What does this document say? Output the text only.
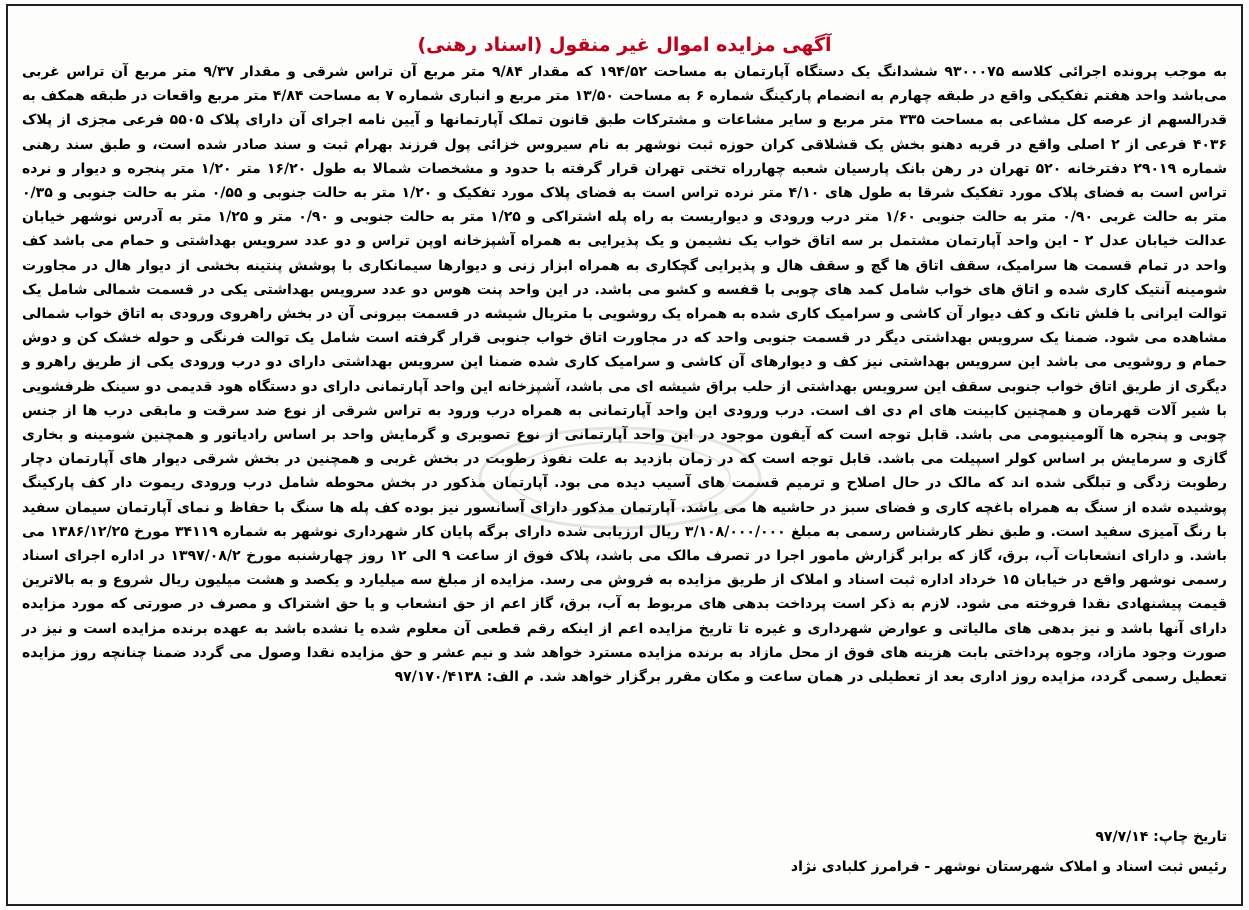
آگهی مزایده اموال غیر منقول (اسناد رهنی)

به موجب پرونده اجرائی کلاسه ۹۳۰۰۰۷۵ ششدانگ یک دستگاه آپارتمان به مساحت ۱۹۴/۵۲ که مقدار ۹/۸۴ متر مربع آن تراس شرقی و مقدار ۹/۳۷ متر مربع آن تراس غربی می‌باشد واحد هفتم تفکیکی واقع در طبقه چهارم به انضمام پارکینگ شماره ۶ به مساحت ۱۳/۵۰ متر مربع و انباری شماره ۷ به مساحت ۴/۸۴ متر مربع واقعات در طبقه همکف به قدرالسهم از عرصه کل مشاعی به مساحت ۳۳۵ متر مربع و سایر مشاعات و مشترکات طبق قانون تملک آپارتمانها و آیین نامه اجرای آن دارای پلاک ۵۵۰۵ فرعی مجزی از پلاک ۴۰۳۶ فرعی از ۲ اصلی واقع در قریه دهنو بخش یک قشلاقی کران حوزه ثبت نوشهر به نام سیروس خزائی پول فرزند بهرام ثبت و سند صادر شده است، و طبق سند رهنی شماره ۲۹۰۱۹ دفترخانه ۵۲۰ تهران در رهن بانک پارسیان شعبه چهارراه تختی تهران قرار گرفته با حدود و مشخصات شمالا به طول ۱۶/۲۰ متر ۱/۲۰ متر پنجره و دیوار و نرده تراس است به فضای پلاک مورد تفکیک شرقا به طول های ۴/۱۰ متر نرده تراس است به فضای پلاک مورد تفکیک و ۱/۲۰ متر به حالت جنوبی و ۰/۵۵ متر به حالت جنوبی و ۰/۳۵ متر به حالت غربی ۰/۹۰ متر به حالت جنوبی ۱/۶۰ متر درب ورودی و دیواریست به راه پله اشتراکی و ۱/۲۵ متر به حالت جنوبی و ۰/۹۰ متر و ۱/۲۵ متر به آدرس نوشهر خیابان عدالت خیابان عدل ۲ - این واحد آپارتمان مشتمل بر سه اتاق خواب یک نشیمن و یک پذیرایی به همراه آشپزخانه اوپن تراس و دو عدد سرویس بهداشتی و حمام می باشد کف واحد در تمام قسمت ها سرامیک، سقف اتاق ها گچ و سقف هال و پذیرایی گچکاری به همراه ابزار زنی و دیوارها سیمانکاری با پوشش پنتینه بخشی از دیوار هال در مجاورت شومینه آنتیک کاری شده و اتاق های خواب شامل کمد های چوبی با قفسه و کشو می باشد. در این واحد پنت هوس دو عدد سرویس بهداشتی یکی در قسمت شمالی شامل یک توالت ایرانی با فلش تانک و کف دیوار آن کاشی و سرامیک کاری شده به همراه یک روشویی با متریال شیشه در قسمت بیرونی آن در بخش راهروی ورودی به اتاق خواب شمالی مشاهده می شود. ضمنا یک سرویس بهداشتی دیگر در قسمت جنوبی واحد که در مجاورت اتاق خواب جنوبی قرار گرفته است شامل یک توالت فرنگی و حوله خشک کن و دوش حمام و روشویی می باشد این سرویس بهداشتی نیز کف و دیوارهای آن کاشی و سرامیک کاری شده ضمنا این سرویس بهداشتی دارای دو درب ورودی یکی از طریق راهرو و دیگری از طریق اتاق خواب جنوبی سقف این سرویس بهداشتی از حلب براق شیشه ای می باشد، آشپزخانه این واحد آپارتمانی دارای دو دستگاه هود قدیمی دو سینک ظرفشویی با شیر آلات قهرمان و همچنین کابینت های ام دی اف است. درب ورودی این واحد آپارتمانی به همراه درب ورود به تراس شرقی از نوع ضد سرقت و مابقی درب ها از جنس چوبی و پنجره ها آلومینیومی می باشد. قابل توجه است که آیفون موجود در این واحد آپارتمانی از نوع تصویری و گرمایش واحد بر اساس رادیاتور و همچنین شومینه و بخاری گازی و سرمایش بر اساس کولر اسپیلت می باشد. قابل توجه است که در زمان بازدید به علت نفوذ رطوبت در بخش غربی و همچنین در بخش شرقی دیوار های آپارتمان دچار رطوبت زدگی و تبلگی شده اند که مالک در حال اصلاح و ترمیم قسمت های آسیب دیده می بود. آپارتمان مذکور در بخش محوطه شامل درب ورودی ریموت دار کف پارکینگ پوشیده شده از سنگ به همراه باغچه کاری و فضای سبز در حاشیه ها می باشد. آپارتمان مذکور دارای آسانسور نیز بوده کف پله ها سنگ با حفاظ و نمای آپارتمان سیمان سفید با رنگ آمیزی سفید است. و طبق نظر کارشناس رسمی به مبلغ ۳/۱۰۸/۰۰۰/۰۰۰ ریال ارزیابی شده دارای برگه پایان کار شهرداری نوشهر به شماره ۳۴۱۱۹ مورخ ۱۳۸۶/۱۲/۲۵ می باشد. و دارای انشعابات آب، برق، گاز که برابر گزارش مامور اجرا در تصرف مالک می باشد، پلاک فوق از ساعت ۹ الی ۱۲ روز چهارشنبه مورخ ۱۳۹۷/۰۸/۲ در اداره اجرای اسناد رسمی نوشهر واقع در خیابان ۱۵ خرداد اداره ثبت اسناد و املاک از طریق مزایده به فروش می رسد. مزایده از مبلغ سه میلیارد و یکصد و هشت میلیون ریال شروع و به بالاترین قیمت پیشنهادی نقدا فروخته می شود. لازم به ذکر است پرداخت بدهی های مربوط به آب، برق، گاز اعم از حق انشعاب و یا حق اشتراک و مصرف در صورتی که مورد مزایده دارای آنها باشد و نیز بدهی های مالیاتی و عوارض شهرداری و غیره تا تاریخ مزایده اعم از اینکه رقم قطعی آن معلوم شده یا نشده باشد به عهده برنده مزایده است و نیز در صورت وجود مازاد، وجوه پرداختی بابت هزینه های فوق از محل مازاد به برنده مزایده مسترد خواهد شد و نیم عشر و حق مزایده نقدا وصول می گردد ضمنا چنانچه روز مزایده تعطیل رسمی گردد، مزایده روز اداری بعد از تعطیلی در همان ساعت و مکان مقرر برگزار خواهد شد. م الف: ۹۷/۱۷۰/۴۱۳۸

تاریخ چاپ: ۹۷/۷/۱۴
رئیس ثبت اسناد و املاک شهرستان نوشهر - فرامرز کلبادی نژاد
